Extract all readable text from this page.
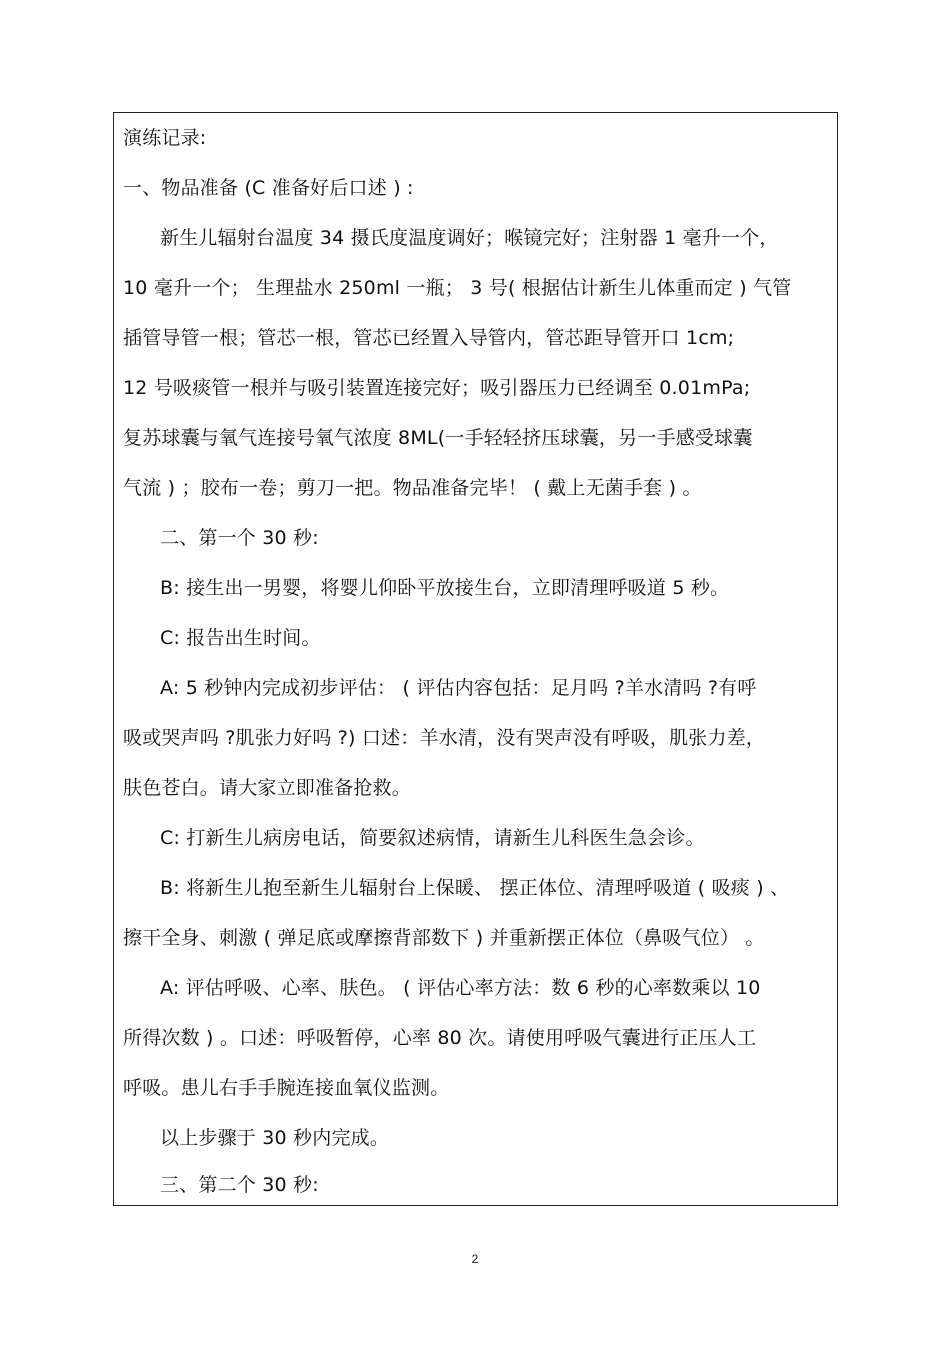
演练记录:
一、物品准备 (C 准备好后口述 ) :
新生儿辐射台温度 34 摄氏度温度调好；喉镜完好；注射器 1 毫升一个，
10 毫升一个； 生理盐水 250ml 一瓶； 3 号( 根据估计新生儿体重而定 ) 气管
插管导管一根；管芯一根，管芯已经置入导管内，管芯距导管开口 1cm;
12 号吸痰管一根并与吸引装置连接完好；吸引器压力已经调至 0.01mPa;
复苏球囊与氧气连接号氧气浓度 8ML(一手轻轻挤压球囊，另一手感受球囊
气流 ) ；胶布一卷；剪刀一把。物品准备完毕！ ( 戴上无菌手套 ) 。
二、第一个 30 秒:
B: 接生出一男婴，将婴儿仰卧平放接生台，立即清理呼吸道 5 秒。
C: 报告出生时间。
A: 5 秒钟内完成初步评估： ( 评估内容包括：足月吗 ?羊水清吗 ?有呼
吸或哭声吗 ?肌张力好吗 ?) 口述：羊水清，没有哭声没有呼吸，肌张力差，
肤色苍白。请大家立即准备抢救。
C: 打新生儿病房电话，简要叙述病情，请新生儿科医生急会诊。
B: 将新生儿抱至新生儿辐射台上保暖、 摆正体位、清理呼吸道 ( 吸痰 ) 、
擦干全身、刺激 ( 弹足底或摩擦背部数下 ) 并重新摆正体位（鼻吸气位） 。
A: 评估呼吸、心率、肤色。 ( 评估心率方法：数 6 秒的心率数乘以 10
所得次数 ) 。口述：呼吸暂停，心率 80 次。请使用呼吸气囊进行正压人工
呼吸。患儿右手手腕连接血氧仪监测。
以上步骤于 30 秒内完成。
三、第二个 30 秒:
2
